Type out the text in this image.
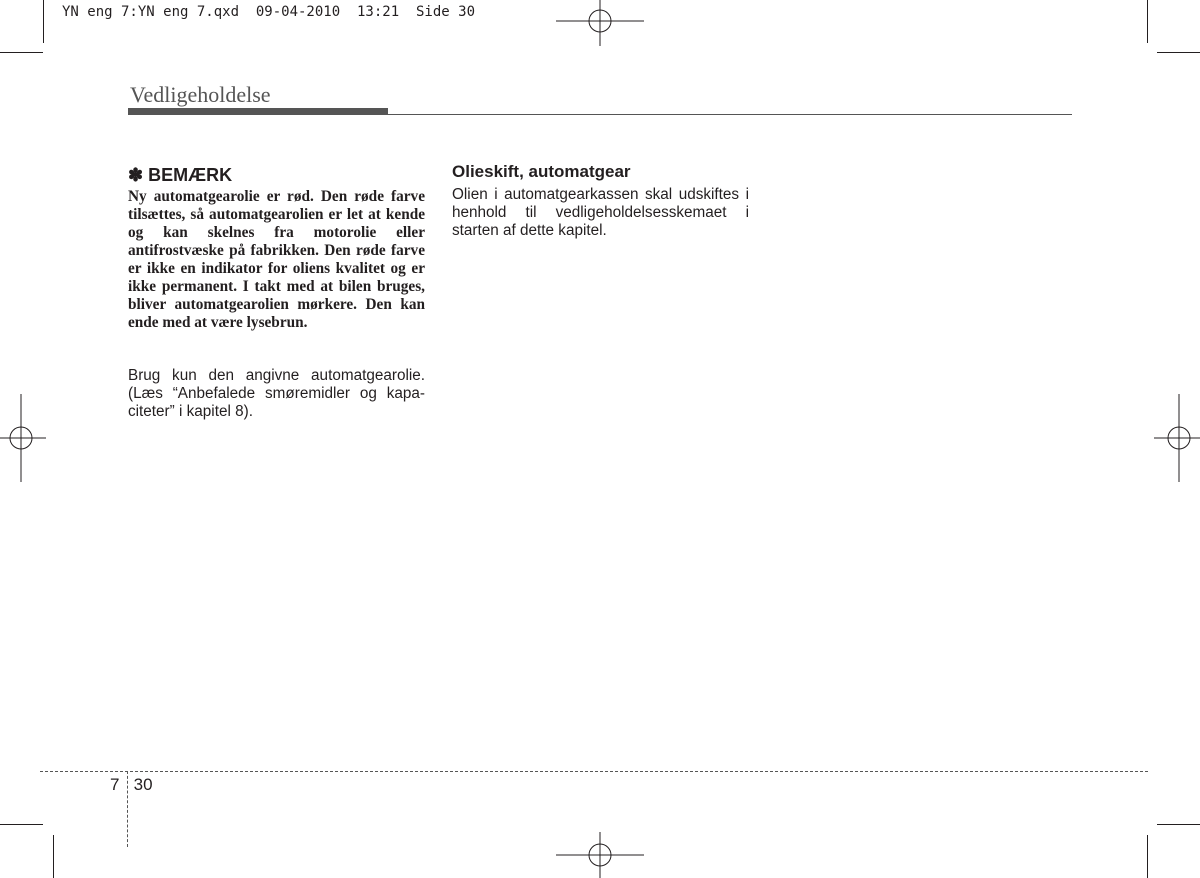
YN eng 7:YN eng 7.qxd  09-04-2010  13:21  Side 30
Vedligeholdelse
✽ BEMÆRK

Ny automatgearolie er rød. Den røde farve tilsættes, så automatgearolien er let at kende og kan skelnes fra motorolie eller antifrostvæske på fabrikken. Den røde farve er ikke en indikator for oliens kvalitet og er ikke permanent. I takt med at bilen bruges, bliver automatgearolien mørkere. Den kan ende med at være lysebrun.

Brug kun den angivne automatgearolie. (Læs “Anbefalede smøremidler og kapaciteter” i kapitel 8).

Olieskift, automatgear

Olien i automatgearkassen skal udskiftes i henhold til vedligeholdelsesskemaet i starten af dette kapitel.

7 30
